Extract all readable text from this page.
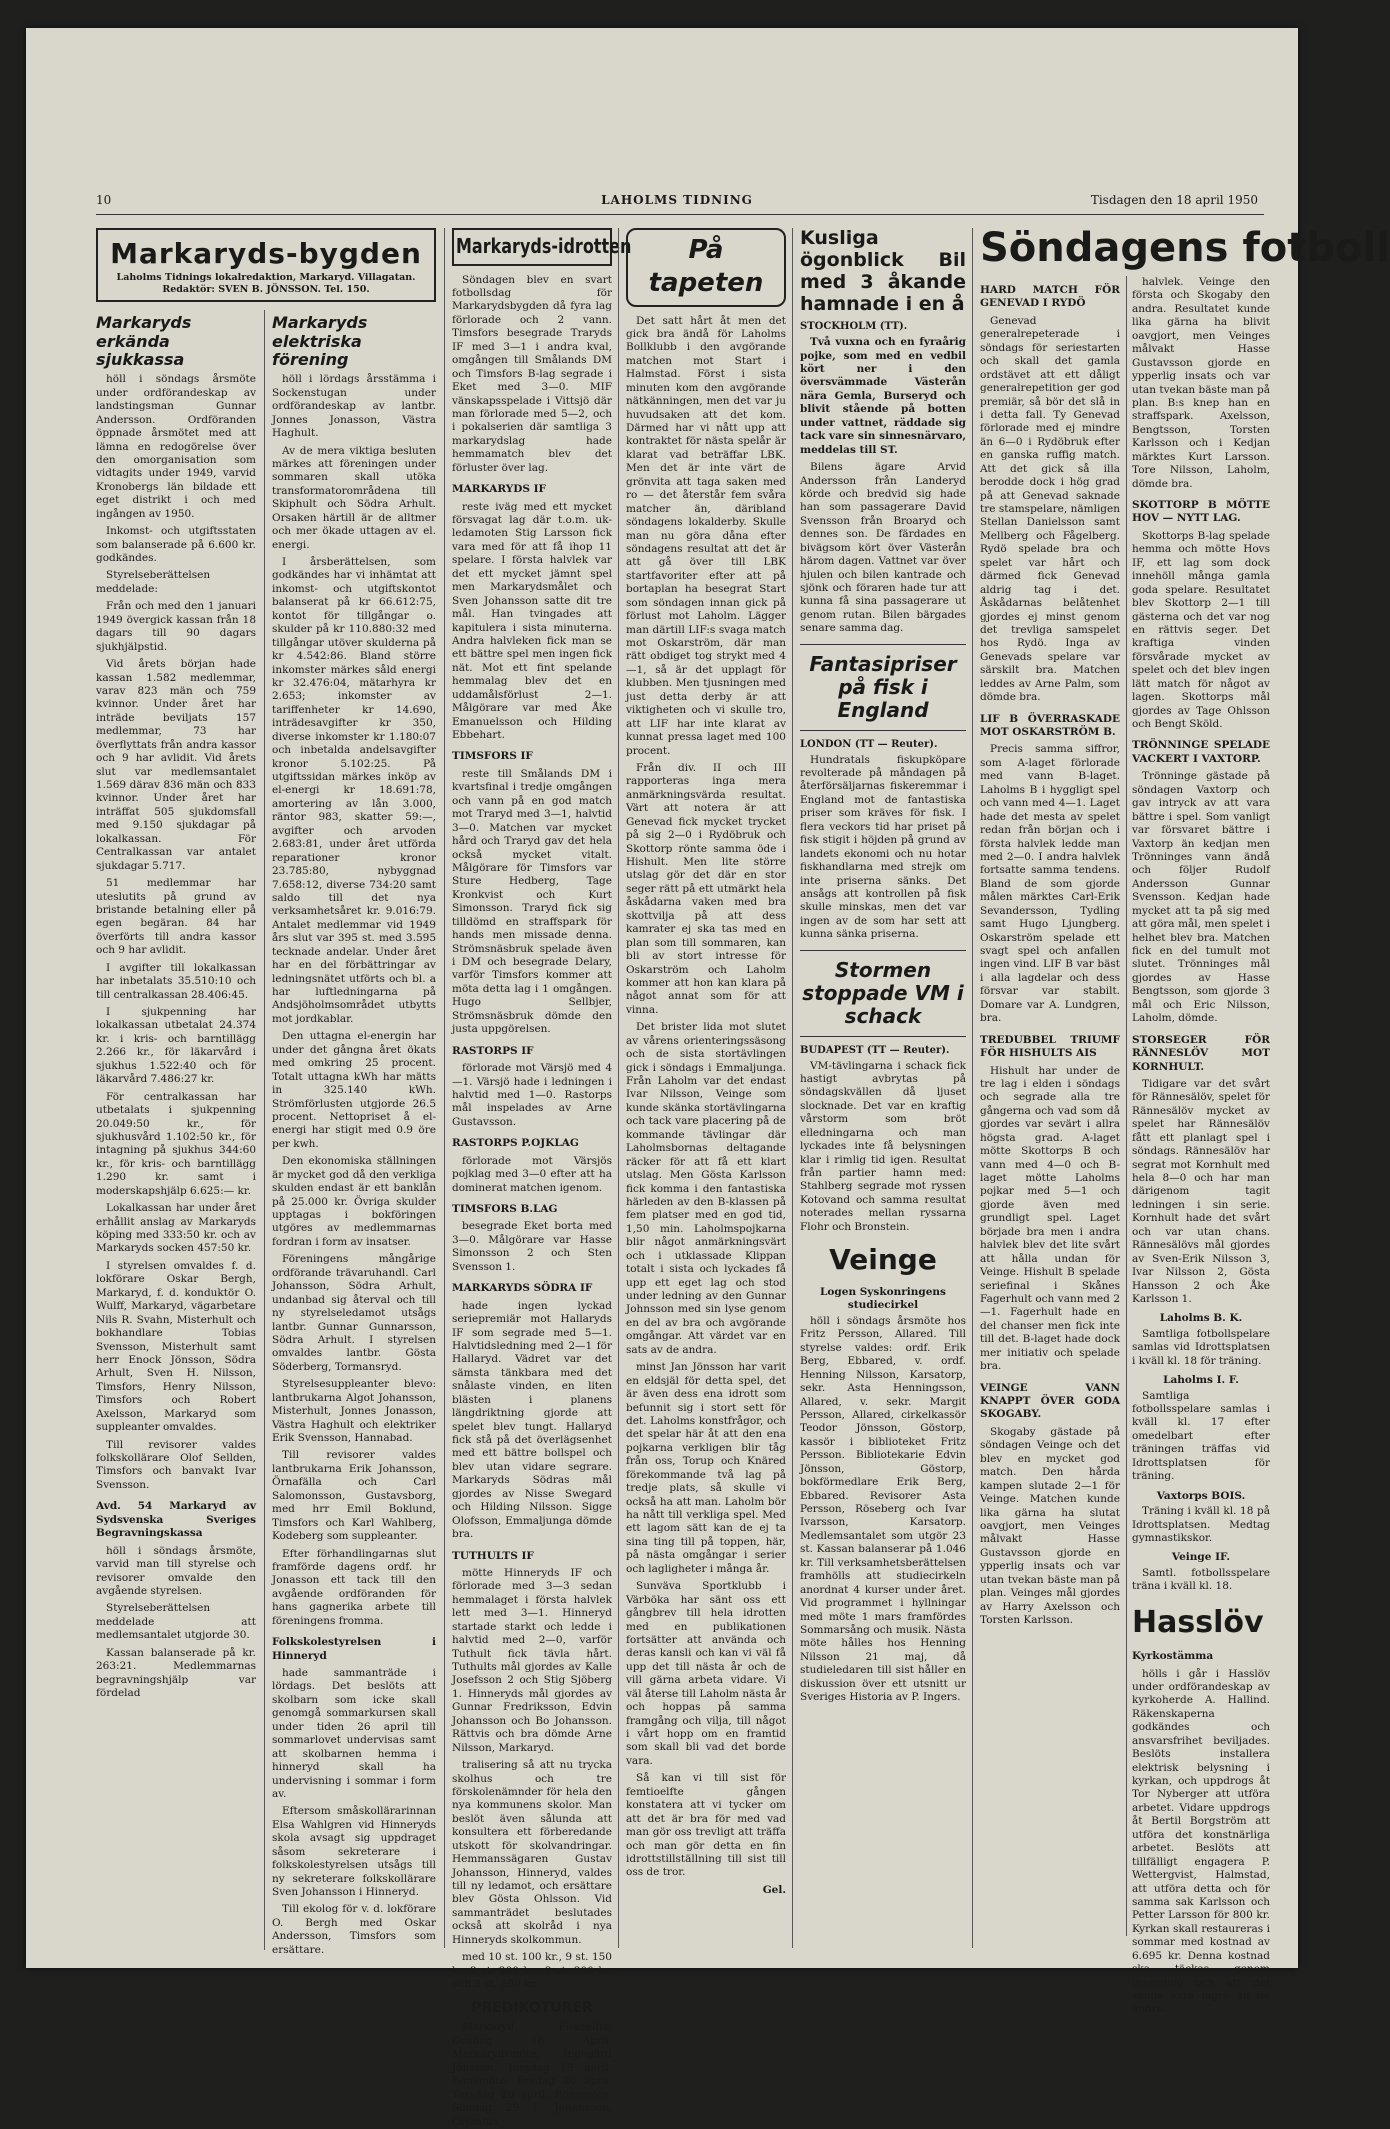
10	LAHOLMS TIDNING	Tisdagen den 18 april 1950
Markaryds-bygden
Laholms Tidnings lokalredaktion, Markaryd. Villagatan. Redaktör: SVEN B. JÖNSSON. Tel. 150.
Markaryds erkända sjukkassa

höll i söndags årsmöte under ordförandeskap av landstingsman Gunnar Andersson. Ordföranden öppnade årsmötet med att lämna en redogörelse över den omorganisation som vidtagits under 1949, varvid Kronobergs län bildade ett eget distrikt i och med ingången av 1950.

Inkomst- och utgiftsstaten som balanserade på 6.600 kr. godkändes.

Styrelseberättelsen meddelade:

Från och med den 1 januari 1949 övergick kassan från 18 dagars till 90 dagars sjukhjälpstid.

Vid årets början hade kassan 1.582 medlemmar, varav 823 män och 759 kvinnor. Under året har inträde beviljats 157 medlemmar, 73 har överflyttats från andra kassor och 9 har avlidit. Vid årets slut var medlemsantalet 1.569 därav 836 män och 833 kvinnor. Under året har inträffat 505 sjukdomsfall med 9.150 sjukdagar på lokalkassan. För Centralkassan var antalet sjukdagar 5.717.

51 medlemmar har uteslutits på grund av bristande betalning eller på egen begäran. 84 har överförts till andra kassor och 9 har avlidit.

I avgifter till lokalkassan har inbetalats 35.510:10 och till centralkassan 28.406:45.

I sjukpenning har lokalkassan utbetalat 24.374 kr. i kris- och barntillägg 2.266 kr., för läkarvård i sjukhus 1.522:40 och för läkarvård 7.486:27 kr.

För centralkassan har utbetalats i sjukpenning 20.049:50 kr., för sjukhusvård 1.102:50 kr., för intagning på sjukhus 344:60 kr., för kris- och barntillägg 1.290 kr. samt i moderskapshjälp 6.625:— kr.

Lokalkassan har under året erhållit anslag av Markaryds köping med 333:50 kr. och av Markaryds socken 457:50 kr.

I styrelsen omvaldes f. d. lokförare Oskar Bergh, Markaryd, f. d. konduktör O. Wulff, Markaryd, vägarbetare Nils R. Svahn, Misterhult och bokhandlare Tobias Svensson, Misterhult samt herr Enock Jönsson, Södra Arhult, Sven H. Nilsson, Timsfors, Henry Nilsson, Timsfors och Robert Axelsson, Markaryd som suppleanter omvaldes.

Till revisorer valdes folkskollärare Olof Sellden, Timsfors och banvakt Ivar Svensson.

Avd. 54 Markaryd av Sydsvenska Sveriges Begravningskassa

höll i söndags årsmöte, varvid man till styrelse och revisorer omvalde den avgående styrelsen.

Styrelseberättelsen meddelade att medlemsantalet utgjorde 30.

Kassan balanserade på kr. 263:21. Medlemmarnas begravningshjälp var fördelad

Markaryds elektriska förening

höll i lördags årsstämma i Sockenstugan under ordförandeskap av lantbr. Jonnes Jonasson, Västra Haghult.

Av de mera viktiga besluten märkes att föreningen under sommaren skall utöka transformatorområdena till Skiphult och Södra Arhult. Orsaken härtill är de alltmer och mer ökade uttagen av el. energi.

I årsberättelsen, som godkändes har vi inhämtat att inkomst- och utgiftskontot balanserat på kr 66.612:75, kontot för tillgångar o. skulder på kr 110.880:32 med tillgångar utöver skulderna på kr 4.542:86. Bland större inkomster märkes såld energi kr 32.476:04, mätarhyra kr 2.653; inkomster av tariffenheter kr 14.690, inträdesavgifter kr 350, diverse inkomster kr 1.180:07 och inbetalda andelsavgifter kronor 5.102:25. På utgiftssidan märkes inköp av el-energi kr 18.691:78, amortering av lån 3.000, räntor 983, skatter 59:—, avgifter och arvoden 2.683:81, under året utförda reparationer kronor 23.785:80, nybyggnad 7.658:12, diverse 734:20 samt saldo till det nya verksamhetsåret kr. 9.016:79. Antalet medlemmar vid 1949 års slut var 395 st. med 3.595 tecknade andelar. Under året har en del förbättringar av ledningsnätet utförts och bl. a har luftledningarna på Andsjöholmsområdet utbytts mot jordkablar.

Den uttagna el-energin har under det gångna året ökats med omkring 25 procent. Totalt uttagna kWh har mätts in 325.140 kWh. Strömförlusten utgjorde 26.5 procent. Nettopriset å el-energi har stigit med 0.9 öre per kwh.

Den ekonomiska ställningen är mycket god då den verkliga skulden endast är ett banklån på 25.000 kr. Övriga skulder upptagas i bokföringen utgöres av medlemmarnas fordran i form av insatser.

Föreningens mångårige ordförande trävaruhandl. Carl Johansson, Södra Arhult, undanbad sig återval och till ny styrelseledamot utsågs lantbr. Gunnar Gunnarsson, Södra Arhult. I styrelsen omvaldes lantbr. Gösta Söderberg, Tormansryd.

Styrelsesuppleanter blevo: lantbrukarna Algot Johansson, Misterhult, Jonnes Jonasson, Västra Haghult och elektriker Erik Svensson, Hannabad.

Till revisorer valdes lantbrukarna Erik Johansson, Örnafälla och Carl Salomonsson, Gustavsborg, med hrr Emil Boklund, Timsfors och Karl Wahlberg, Kodeberg som suppleanter.

Efter förhandlingarnas slut framförde dagens ordf. hr Jonasson ett tack till den avgående ordföranden för hans gagnerika arbete till föreningens fromma.

Folkskolestyrelsen i Hinneryd

hade sammanträde i lördags. Det beslöts att skolbarn som icke skall genomgå sommarkursen skall under tiden 26 april till sommarlovet undervisas samt att skolbarnen hemma i hinneryd skall ha undervisning i sommar i form av.

Eftersom småskollärarinnan Elsa Wahlgren vid Hinneryds skola avsagt sig uppdraget såsom sekreterare i folkskolestyrelsen utsågs till ny sekreterare folkskollärare Sven Johansson i Hinneryd.

Till ekolog för v. d. lokförare O. Bergh med Oskar Andersson, Timsfors som ersättare.

Markaryds-idrotten

Söndagen blev en svart fotbollsdag för Markarydsbygden då fyra lag förlorade och 2 vann. Timsfors besegrade Traryds IF med 3—1 i andra kval, omgången till Smålands DM och Timsfors B-lag segrade i Eket med 3—0. MIF vänskapsspelade i Vittsjö där man förlorade med 5—2, och i pokalserien där samtliga 3 markarydslag hade hemmamatch blev det förluster över lag.

MARKARYDS IF

reste iväg med ett mycket försvagat lag där t.o.m. uk-ledamoten Stig Larsson fick vara med för att få ihop 11 spelare. I första halvlek var det ett mycket jämnt spel men Markarydsmålet och Sven Johansson satte dit tre mål. Han tvingades att kapitulera i sista minuterna. Andra halvleken fick man se ett bättre spel men ingen fick nät. Mot ett fint spelande hemmalag blev det en uddamålsförlust 2—1. Målgörare var med Åke Emanuelsson och Hilding Ebbehart.

TIMSFORS IF

reste till Smålands DM i kvartsfinal i tredje omgången och vann på en god match mot Traryd med 3—1, halvtid 3—0. Matchen var mycket hård och Traryd gav det hela också mycket vitalt. Målgörare för Timsfors var Sture Hedberg, Tage Kronkvist och Kurt Simonsson. Traryd fick sig tilldömd en straffspark för hands men missade denna. Strömsnäsbruk spelade även i DM och besegrade Delary, varför Timsfors kommer att möta detta lag i 1 omgången. Hugo Sellbjer, Strömsnäsbruk dömde den justa uppgörelsen.

RASTORPS IF

förlorade mot Värsjö med 4—1. Värsjö hade i ledningen i halvtid med 1—0. Rastorps mål inspelades av Arne Gustavsson.

RASTORPS P.OJKLAG

förlorade mot Värsjös pojklag med 3—0 efter att ha dominerat matchen igenom.

TIMSFORS B.LAG

besegrade Eket borta med 3—0. Målgörare var Hasse Simonsson 2 och Sten Svensson 1.

MARKARYDS SÖDRA IF

hade ingen lyckad seriepremiär mot Hallaryds IF som segrade med 5—1. Halvtidsledning med 2—1 för Hallaryd. Vädret var det sämsta tänkbara med det snålaste vinden, en liten blästen i planens längdriktning gjorde att spelet blev tungt. Hallaryd fick stå på det överlägsenhet med ett bättre bollspel och blev utan vidare segrare. Markaryds Södras mål gjordes av Nisse Swegard och Hilding Nilsson. Sigge Olofsson, Emmaljunga dömde bra.

TUTHULTS IF

mötte Hinneryds IF och förlorade med 3—3 sedan hemmalaget i första halvlek lett med 3—1. Hinneryd startade starkt och ledde i halvtid med 2—0, varför Tuthult fick tävla hårt. Tuthults mål gjordes av Kalle Josefsson 2 och Stig Sjöberg 1. Hinneryds mål gjordes av Gunnar Fredriksson, Edvin Johansson och Bo Johansson. Rättvis och bra dömde Arne Nilsson, Markaryd.

tralisering så att nu trycka skolhus och tre förskolenämnder för hela den nya kommunens skolor. Man beslöt även sålunda att konsultera ett förberedande utskott för skolvandringar. Hemmanssägaren Gustav Johansson, Hinneryd, valdes till ny ledamot, och ersättare blev Gösta Ohlsson. Vid sammanträdet beslutades också att skolråd i nya Hinneryds skolkommun.

med 10 st. 100 kr., 9 st. 150 kr. 2 st. 200 kr., 2 st. 300 kr. och 3 st. 500 kr.

PREDIKOTURER

Markaryd, Filadelfia: Onsdag 18 April. Markarydsmöte, Ingegärd Jönsson. Torsdag 19 april. Bönemöte. Fredag 20 april. Torsdag 20 april. Bönemöte. Söndag 29 I. Johansson, Orientus.

På tapeten

Det satt hårt åt men det gick bra ändå för Laholms Bollklubb i den avgörande matchen mot Start i Halmstad. Först i sista minuten kom den avgörande nätkänningen, men det var ju huvudsaken att det kom. Därmed har vi nått upp att kontraktet för nästa spelår är klarat vad beträffar LBK. Men det är inte värt de grönvita att taga saken med ro — det återstår fem svåra matcher än, däribland söndagens lokalderby. Skulle man nu göra dåna efter söndagens resultat att det är att gå över till LBK startfavoriter efter att på bortaplan ha besegrat Start som söndagen innan gick på förlust mot Laholm. Lägger man därtill LIF:s svaga match mot Oskarström, där man rätt obdiget tog strykt med 4—1, så är det upplagt för klubben. Men tjusningen med just detta derby är att viktigheten och vi skulle tro, att LIF har inte klarat av kunnat pressa laget med 100 procent.

Från div. II och III rapporteras inga mera anmärkningsvärda resultat. Värt att notera är att Genevad fick mycket trycket på sig 2—0 i Rydöbruk och Skottorp rönte samma öde i Hishult. Men lite större utslag gör det där en stor seger rätt på ett utmärkt hela åskådarna vaken med bra skottvilja på att dess kamrater ej ska tas med en plan som till sommaren, kan bli av stort intresse för Oskarström och Laholm kommer att hon kan klara på något annat som för att vinna.

Det brister lida mot slutet av vårens orienteringssäsong och de sista stortävlingen gick i söndags i Emmaljunga. Från Laholm var det endast Ivar Nilsson, Veinge som kunde skänka stortävlingarna och tack vare placering på de kommande tävlingar där Laholmsbornas deltagande räcker för att få ett klart utslag. Men Gösta Karlsson fick komma i den fantastiska härleden av den B-klassen på fem platser med en god tid, 1,50 min. Laholmspojkarna blir något anmärkningsvärt och i utklassade Klippan totalt i sista och lyckades få upp ett eget lag och stod under ledning av den Gunnar Johnsson med sin lyse genom en del av bra och avgörande omgångar. Att värdet var en sats av de andra.

minst Jan Jönsson har varit en eldsjäl för detta spel, det är även dess ena idrott som befunnit sig i stort sett för det. Laholms konstfrågor, och det spelar här åt att den ena pojkarna verkligen blir tåg från oss, Torup och Knäred förekommande två lag på tredje plats, så skulle vi också ha att man. Laholm bör ha nått till verkliga spel. Med ett lagom sätt kan de ej ta sina ting till på toppen, här, på nästa omgångar i serier och lagligheter i många år.

Sunväva Sportklubb i Värböka har sänt oss ett gångbrev till hela idrotten med en publikationen fortsätter att använda och deras kansli och kan vi väl få upp det till nästa år och de vill gärna arbeta vidare. Vi väl återse till Laholm nästa år och hoppas på samma framgång och vilja, till något i vårt hopp om en framtid som skall bli vad det borde vara.

Så kan vi till sist för femtioelfte gången konstatera att vi tycker om att det är bra för med vad man gör oss trevligt att träffa och man gör detta en fin idrottstillställning till sist till oss de tror.

Gel.
Kusliga ögonblick Bil med 3 åkande hamnade i en å
STOCKHOLM (TT).

Två vuxna och en fyraårig pojke, som med en vedbil kört ner i den översvämmade Västerån nära Gemla, Burseryd och blivit stående på botten under vattnet, räddade sig tack vare sin sinnesnärvaro, meddelas till ST.

Bilens ägare Arvid Andersson från Landeryd körde och bredvid sig hade han som passagerare David Svensson från Broaryd och dennes son. De färdades en bivägsom kört över Västerån härom dagen. Vattnet var över hjulen och bilen kantrade och sjönk och föraren hade tur att kunna få sina passagerare ut genom rutan. Bilen bärgades senare samma dag.

Fantasipriser på fisk i England
LONDON (TT — Reuter).

Hundratals fiskupköpare revolterade på måndagen på återförsäljarnas fiskeremmar i England mot de fantastiska priser som kräves för fisk. I flera veckors tid har priset på fisk stigit i höjden på grund av landets ekonomi och nu hotar fiskhandlarna med strejk om inte priserna sänks. Det ansågs att kontrollen på fisk skulle minskas, men det var ingen av de som har sett att kunna sänka priserna.

Stormen stoppade VM i schack
BUDAPEST (TT — Reuter).

VM-tävlingarna i schack fick hastigt avbrytas på söndagskvällen då ljuset slocknade. Det var en kraftig vårstorm som bröt elledningarna och man lyckades inte få belysningen klar i rimlig tid igen. Resultat från partier hamn med: Stahlberg segrade mot ryssen Kotovand och samma resultat noterades mellan ryssarna Flohr och Bronstein.

Veinge
Logen Syskonringens studiecirkel

höll i söndags årsmöte hos Fritz Persson, Allared. Till styrelse valdes: ordf. Erik Berg, Ebbared, v. ordf. Henning Nilsson, Karsatorp, sekr. Asta Henningsson, Allared, v. sekr. Margit Persson, Allared, cirkelkassör Teodor Jönsson, Göstorp, kassör i biblioteket Fritz Persson. Bibliotekarie Edvin Jönsson, Göstorp, bokförmedlare Erik Berg, Ebbared. Revisorer Asta Persson, Röseberg och Ivar Ivarsson, Karsatorp. Medlemsantalet som utgör 23 st. Kassan balanserar på 1.046 kr. Till verksamhetsberättelsen framhölls att studiecirkeln anordnat 4 kurser under året. Vid programmet i hyllningar med möte 1 mars framfördes Sommarsång och musik. Nästa möte hålles hos Henning Nilsson 21 maj, då studieledaren till sist håller en diskussion över ett utsnitt ur Sveriges Historia av P. Ingers.

Söndagens fotboll
HARD MATCH FÖR GENEVAD I RYDÖ

Genevad generalrepeterade i söndags för seriestarten och skall det gamla ordstävet att ett dåligt generalrepetition ger god premiär, så bör det slå in i detta fall. Ty Genevad förlorade med ej mindre än 6—0 i Rydöbruk efter en ganska ruffig match. Att det gick så illa berodde dock i hög grad på att Genevad saknade tre stamspelare, nämligen Stellan Danielsson samt Mellberg och Fågelberg. Rydö spelade bra och spelet var hårt och därmed fick Genevad aldrig tag i det. Åskådarnas belåtenhet gjordes ej minst genom det trevliga samspelet hos Rydö. Inga av Genevads spelare var särskilt bra. Matchen leddes av Arne Palm, som dömde bra.

LIF B ÖVERRASKADE MOT OSKARSTRÖM B.

Precis samma siffror, som A-laget förlorade med vann B-laget. Laholms B i hyggligt spel och vann med 4—1. Laget hade det mesta av spelet redan från början och i första halvlek ledde man med 2—0. I andra halvlek fortsatte samma tendens. Bland de som gjorde målen märktes Carl-Erik Sevandersson, Tydling samt Hugo Ljungberg. Oskarström spelade ett svagt spel och anfallen ingen vind. LIF B var bäst i alla lagdelar och dess försvar var stabilt. Domare var A. Lundgren, bra.

TREDUBBEL TRIUMF FÖR HISHULTS AIS

Hishult har under de tre lag i elden i söndags och segrade alla tre gångerna och vad som då gjordes var sevärt i allra högsta grad. A-laget mötte Skottorps B och vann med 4—0 och B-laget mötte Laholms pojkar med 5—1 och gjorde även med grundligt spel. Laget började bra men i andra halvlek blev det lite svårt att hålla undan för Veinge. Hishult B spelade seriefinal i Skånes Fagerhult och vann med 2—1. Fagerhult hade en del chanser men fick inte till det. B-laget hade dock mer initiativ och spelade bra.

VEINGE VANN KNAPPT ÖVER GODA SKOGABY.

Skogaby gästade på söndagen Veinge och det blev en mycket god match. Den hårda kampen slutade 2—1 för Veinge. Matchen kunde lika gärna ha slutat oavgjort, men Veinges målvakt Hasse Gustavsson gjorde en ypperlig insats och var utan tvekan bäste man på plan. Veinges mål gjordes av Harry Axelsson och Torsten Karlsson.

halvlek. Veinge den första och Skogaby den andra. Resultatet kunde lika gärna ha blivit oavgjort, men Veinges målvakt Hasse Gustavsson gjorde en ypperlig insats och var utan tvekan bäste man på plan. B:s knep han en straffspark. Axelsson, Bengtsson, Torsten Karlsson och i Kedjan märktes Kurt Larsson. Tore Nilsson, Laholm, dömde bra.

SKOTTORP B MÖTTE HOV — NYTT LAG.

Skottorps B-lag spelade hemma och mötte Hovs IF, ett lag som dock innehöll många gamla goda spelare. Resultatet blev Skottorp 2—1 till gästerna och det var nog en rättvis seger. Det kraftiga vinden försvårade mycket av spelet och det blev ingen lätt match för något av lagen. Skottorps mål gjordes av Tage Ohlsson och Bengt Sköld.

TRÖNNINGE SPELADE VACKERT I VAXTORP.

Trönninge gästade på söndagen Vaxtorp och gav intryck av att vara bättre i spel. Som vanligt var försvaret bättre i Vaxtorp än kedjan men Trönninges vann ändå och följer Rudolf Andersson Gunnar Svensson. Kedjan hade mycket att ta på sig med att göra mål, men spelet i helhet blev bra. Matchen fick en del tumult mot slutet. Trönninges mål gjordes av Hasse Bengtsson, som gjorde 3 mål och Eric Nilsson, Laholm, dömde.

STORSEGER FÖR RÄNNESLÖV MOT KORNHULT.

Tidigare var det svårt för Rännesälöv, spelet för Rännesälöv mycket av spelet har Rännesälöv fått ett planlagt spel i söndags. Rännesälöv har segrat mot Kornhult med hela 8—0 och har man därigenom tagit ledningen i sin serie. Kornhult hade det svårt och var utan chans. Rännesälövs mål gjordes av Sven-Erik Nilsson 3, Ivar Nilsson 2, Gösta Hansson 2 och Åke Karlsson 1.

Laholms B. K.

Samtliga fotbollspelare samlas vid Idrottsplatsen i kväll kl. 18 för träning.

Laholms I. F.

Samtliga fotbollsspelare samlas i kväll kl. 17 efter omedelbart efter träningen träffas vid Idrottsplatsen för träning.

Vaxtorps BOIS.

Träning i kväll kl. 18 på Idrottsplatsen. Medtag gymnastikskor.

Veinge IF.

Samtl. fotbollsspelare träna i kväll kl. 18.

Hasslöv
Kyrkostämma

hölls i går i Hasslöv under ordförandeskap av kyrkoherde A. Hallind. Räkenskaperna godkändes och ansvarsfrihet beviljades. Beslöts installera elektrisk belysning i kyrkan, och uppdrogs åt Tor Nyberger att utföra arbetet. Vidare uppdrogs åt Bertil Borgström att utföra det konstnärliga arbetet. Beslöts att tillfälligt engagera P. Wettergvist, Halmstad, att utföra detta och för samma sak Karlsson och Petter Larsson för 800 kr. Kyrkan skall restaureras i sommar med kostnad av 6.695 kr. Denna kostnad ska täckas genom insamling och att det skulle vara lagre än de andra.
